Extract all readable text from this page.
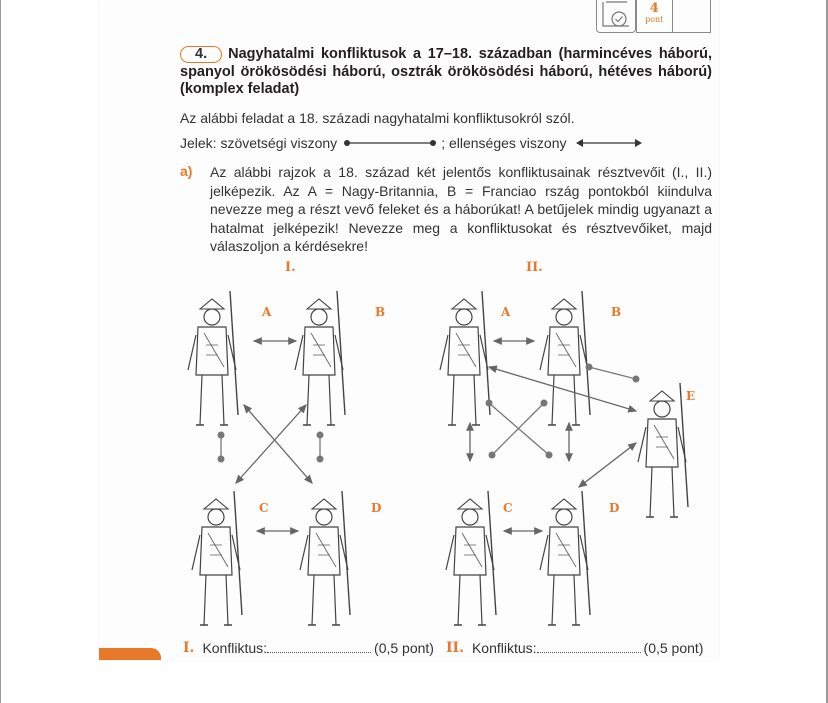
4
pont
4. Nagyhatalmi konfliktusok a 17–18. században (harmincéves háború, spanyol örökösödési háború, osztrák örökösödési háború, hétéves háború) (komplex feladat)
Az alábbi feladat a 18. századi nagyhatalmi konfliktusokról szól.
Jelek: szövetségi viszony	; ellenséges viszony
a) Az alábbi rajzok a 18. század két jelentős konfliktusainak résztvevőit (I., II.) jelképezik. Az A = Nagy-Britannia, B = Franciao rszág pontokból kiindulva nevezze meg a részt vevő feleket és a háborúkat! A betűjelek mindig ugyanazt a hatalmat jelképezik! Nevezze meg a konfliktusokat és résztvevőiket, majd válaszoljon a kérdésekre!
I.
A	B
C	D
II.
A	B
C	D
E
I. Konfliktus:	(0,5 pont) II. Konfliktus:	(0,5 pont)
